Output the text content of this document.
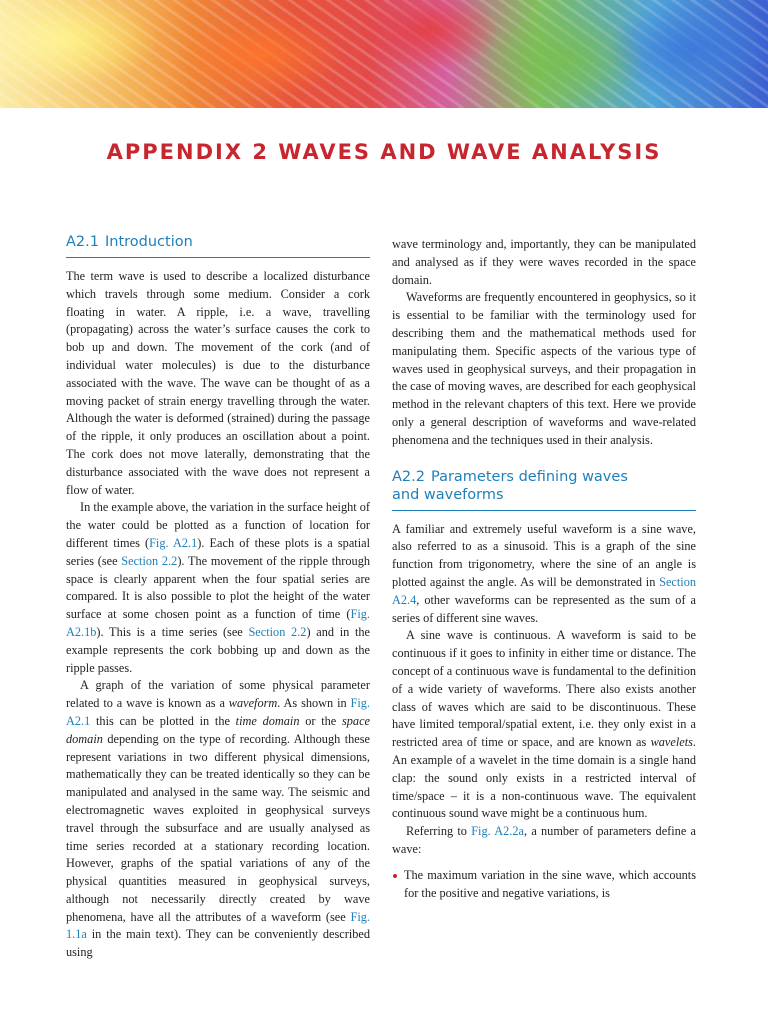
APPENDIX 2 WAVES AND WAVE ANALYSIS
A2.1 Introduction

The term wave is used to describe a localized disturbance which travels through some medium. Consider a cork floating in water. A ripple, i.e. a wave, travelling (propagating) across the water’s surface causes the cork to bob up and down. The movement of the cork (and of individual water molecules) is due to the disturbance associated with the wave. The wave can be thought of as a moving packet of strain energy travelling through the water. Although the water is deformed (strained) during the passage of the ripple, it only produces an oscillation about a point. The cork does not move laterally, demonstrating that the disturbance associated with the wave does not represent a flow of water.

In the example above, the variation in the surface height of the water could be plotted as a function of location for different times (Fig. A2.1). Each of these plots is a spatial series (see Section 2.2). The movement of the ripple through space is clearly apparent when the four spatial series are compared. It is also possible to plot the height of the water surface at some chosen point as a function of time (Fig. A2.1b). This is a time series (see Section 2.2) and in the example represents the cork bobbing up and down as the ripple passes.

A graph of the variation of some physical parameter related to a wave is known as a waveform. As shown in Fig. A2.1 this can be plotted in the time domain or the space domain depending on the type of recording. Although these represent variations in two different physical dimensions, mathematically they can be treated identically so they can be manipulated and analysed in the same way. The seismic and electromagnetic waves exploited in geophysical surveys travel through the subsurface and are usually analysed as time series recorded at a stationary recording location. However, graphs of the spatial variations of any of the physical quantities measured in geophysical surveys, although not necessarily directly created by wave phenomena, have all the attributes of a waveform (see Fig. 1.1a in the main text). They can be conveniently described using

wave terminology and, importantly, they can be manipulated and analysed as if they were waves recorded in the space domain.

Waveforms are frequently encountered in geophysics, so it is essential to be familiar with the terminology used for describing them and the mathematical methods used for manipulating them. Specific aspects of the various type of waves used in geophysical surveys, and their propagation in the case of moving waves, are described for each geophysical method in the relevant chapters of this text. Here we provide only a general description of waveforms and wave-related phenomena and the techniques used in their analysis.

A2.2 Parameters defining waves
and waveforms

A familiar and extremely useful waveform is a sine wave, also referred to as a sinusoid. This is a graph of the sine function from trigonometry, where the sine of an angle is plotted against the angle. As will be demonstrated in Section A2.4, other waveforms can be represented as the sum of a series of different sine waves.

A sine wave is continuous. A waveform is said to be continuous if it goes to infinity in either time or distance. The concept of a continuous wave is fundamental to the definition of a wide variety of waveforms. There also exists another class of waves which are said to be discontinuous. These have limited temporal/spatial extent, i.e. they only exist in a restricted area of time or space, and are known as wavelets. An example of a wavelet in the time domain is a single hand clap: the sound only exists in a restricted interval of time/space – it is a non-continuous wave. The equivalent continuous sound wave might be a continuous hum.

Referring to Fig. A2.2a, a number of parameters define a wave:

The maximum variation in the sine wave, which accounts for the positive and negative variations, is
